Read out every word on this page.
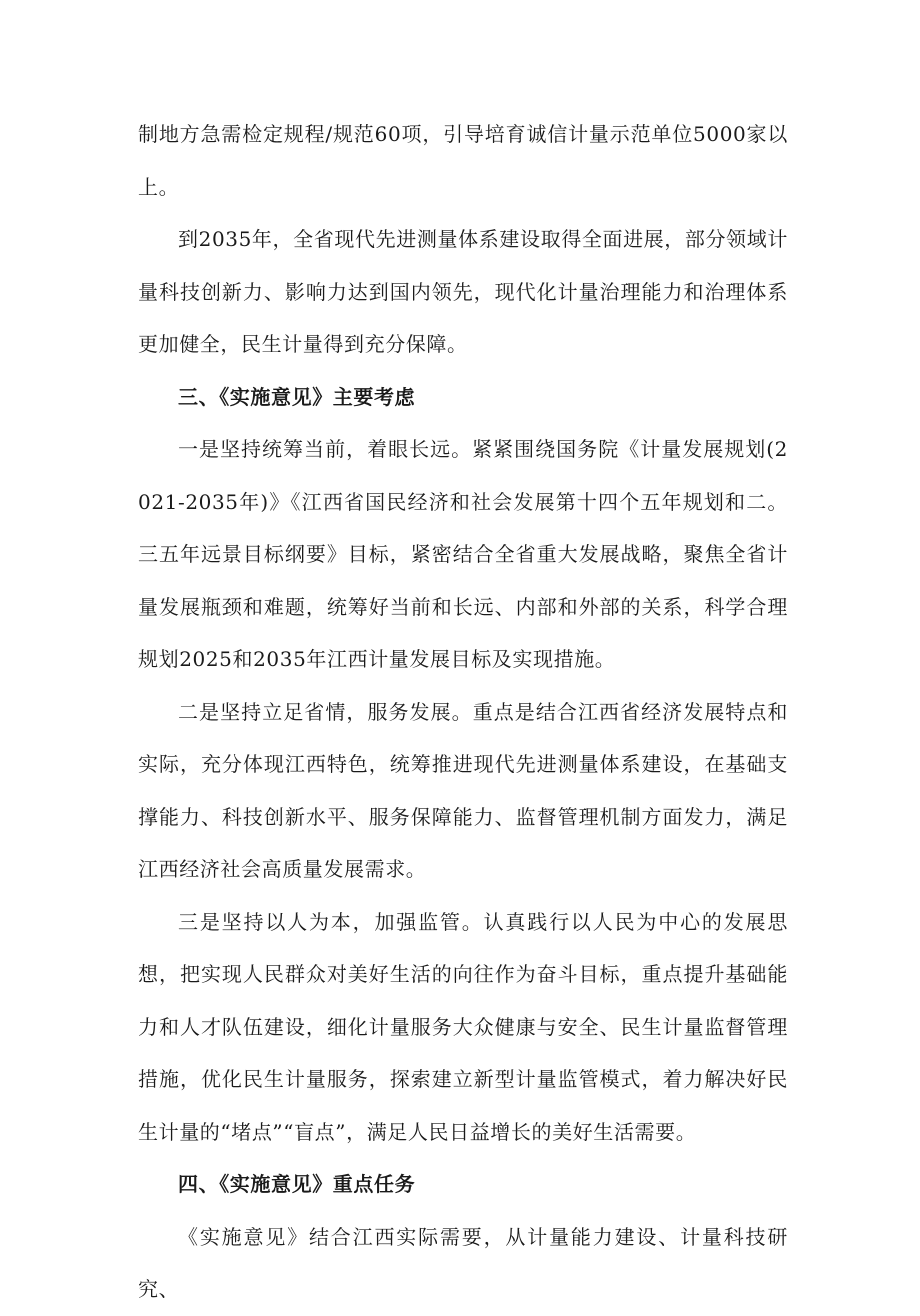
制地方急需检定规程/规范60项，引导培育诚信计量示范单位5000家以上。

到2035年，全省现代先进测量体系建设取得全面进展，部分领域计量科技创新力、影响力达到国内领先，现代化计量治理能力和治理体系更加健全，民生计量得到充分保障。

三、《实施意见》主要考虑

一是坚持统筹当前，着眼长远。紧紧围绕国务院《计量发展规划(2021-2035年)》《江西省国民经济和社会发展第十四个五年规划和二。三五年远景目标纲要》目标，紧密结合全省重大发展战略，聚焦全省计量发展瓶颈和难题，统筹好当前和长远、内部和外部的关系，科学合理规划2025和2035年江西计量发展目标及实现措施。

二是坚持立足省情，服务发展。重点是结合江西省经济发展特点和实际，充分体现江西特色，统筹推进现代先进测量体系建设，在基础支撑能力、科技创新水平、服务保障能力、监督管理机制方面发力，满足江西经济社会高质量发展需求。

三是坚持以人为本，加强监管。认真践行以人民为中心的发展思想，把实现人民群众对美好生活的向往作为奋斗目标，重点提升基础能力和人才队伍建设，细化计量服务大众健康与安全、民生计量监督管理措施，优化民生计量服务，探索建立新型计量监管模式，着力解决好民生计量的“堵点”“盲点”，满足人民日益增长的美好生活需要。

四、《实施意见》重点任务

《实施意见》结合江西实际需要，从计量能力建设、计量科技研究、
